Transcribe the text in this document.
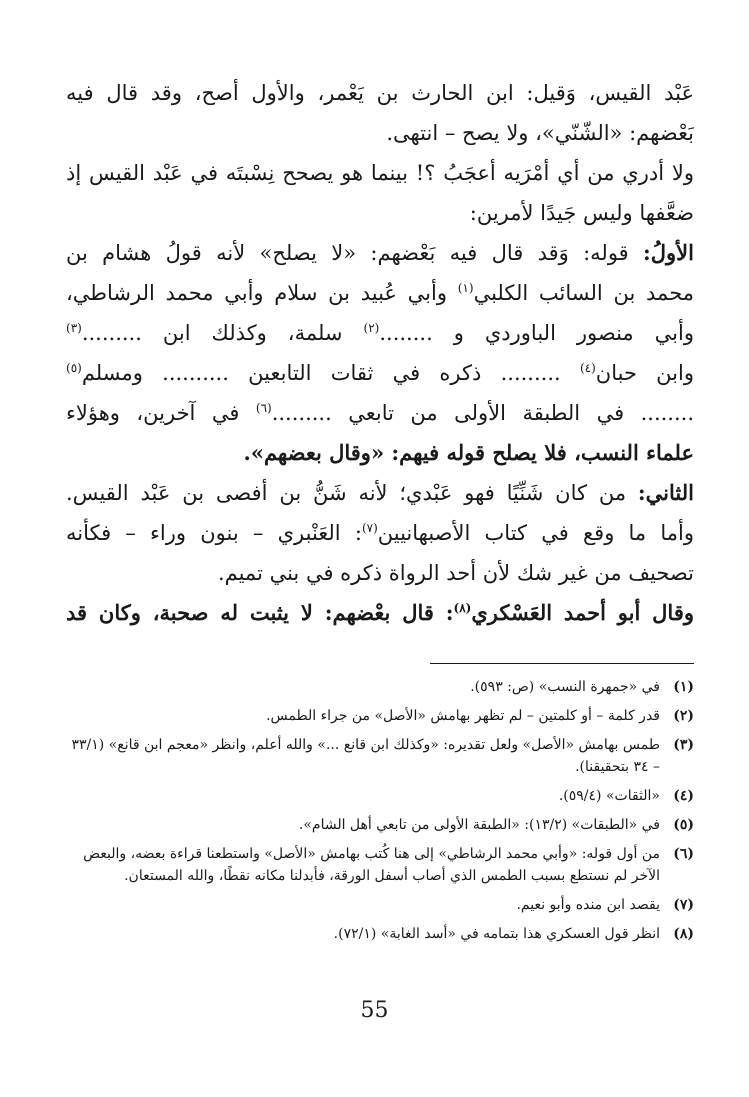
عَبْد القيس، وَقيل: ابن الحارث بن يَعْمر، والأول أصح، وقد قال فيه
بَعْضهم: «الشّنّي»، ولا يصح – انتهى.
ولا أدري من أي أمْرَيه أعجَبُ ؟! بينما هو يصحح نِسْبتَه في عَبْد القيس إذ
ضعَّفها وليس جَيدًا لأمرين:
الأولُ: قوله: وَقد قال فيه بَعْضهم: «لا يصلح» لأنه قولُ هشام بن
محمد بن السائب الكلبي$^{(١)}$ وأبي عُبيد بن سلام وأبي محمد الرشاطي،
وأبي منصور الباوردي و ........$^{(٢)}$ سلمة، وكذلك ابن .........$^{(٣)}$
وابن حبان$^{(٤)}$ ......... ذكره في ثقات التابعين .......... ومسلم$^{(٥)}$
........ في الطبقة الأولى من تابعي .........$^{(٦)}$ في آخرين، وهؤلاء
علماء النسب، فلا يصلح قوله فيهم: «وقال بعضهم».
الثاني: من كان شَنِّيًا فهو عَبْدي؛ لأنه شَنُّ بن أفصى بن عَبْد القيس.
وأما ما وقع في كتاب الأصبهانيين$^{(٧)}$: العَنْبري – بنون وراء – فكأنه
تصحيف من غير شك لأن أحد الرواة ذكره في بني تميم.
وقال أبو أحمد العَسْكري$^{(٨)}$: قال بعْضهم: لا يثبت له صحبة، وكان قد
(١)
في «جمهرة النسب» (ص: ٥٩٣).
(٢)
قدر كلمة – أو كلمتين – لم تظهر بهامش «الأصل» من جراء الطمس.
(٣)
طمس بهامش «الأصل» ولعل تقديره: «وكذلك ابن قانع ...» والله أعلم، وانظر «معجم ابن قانع» (٣٣/١ – ٣٤ بتحقيقنا).
(٤)
«الثقات» (٥٩/٤).
(٥)
في «الطبقات» (١٣/٢): «الطبقة الأولى من تابعي أهل الشام».
(٦)
من أول قوله: «وأبي محمد الرشاطي» إلى هنا كُتب بهامش «الأصل» واستطعنا قراءة بعضه، والبعض الآخر لم نستطع بسبب الطمس الذي أصاب أسفل الورقة، فأبدلنا مكانه نقطًا، والله المستعان.
(٧)
يقصد ابن منده وأبو نعيم.
(٨)
انظر قول العسكري هذا بتمامه في «أسد الغابة» (٧٢/١).
55
